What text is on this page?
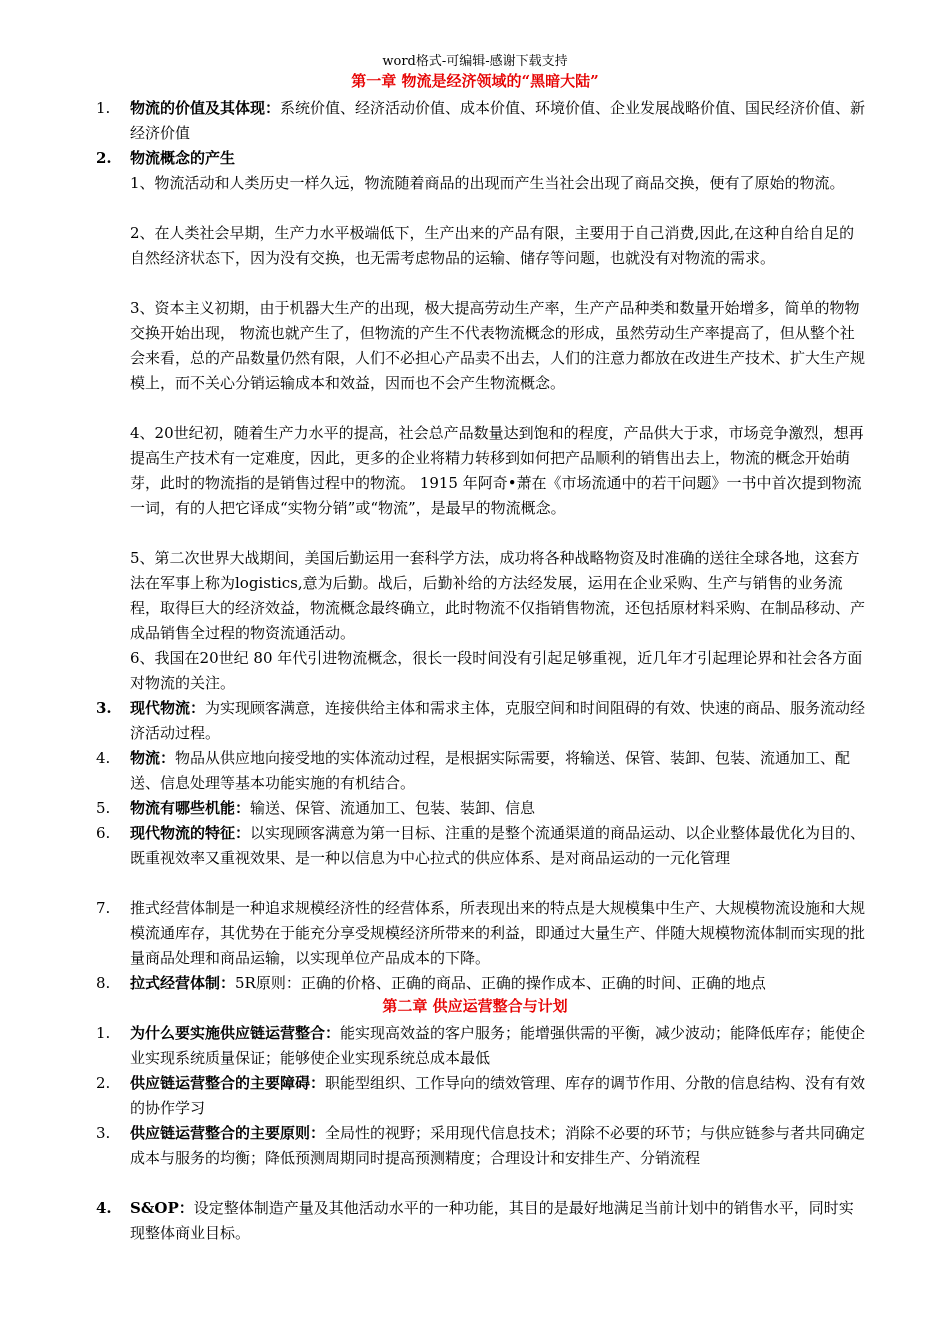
word格式-可编辑-感谢下载支持
第一章 物流是经济领域的“黑暗大陆”
1.	物流的价值及其体现：系统价值、经济活动价值、成本价值、环境价值、企业发展战略价值、国民经济价值、新经济价值
2.	物流概念的产生
1、物流活动和人类历史一样久远，物流随着商品的出现而产生当社会出现了商品交换，便有了原始的物流。
2、在人类社会早期，生产力水平极端低下，生产出来的产品有限，主要用于自己消费,因此,在这种自给自足的自然经济状态下，因为没有交换，也无需考虑物品的运输、储存等问题，也就没有对物流的需求。
3、资本主义初期，由于机器大生产的出现，极大提高劳动生产率，生产产品种类和数量开始增多，简单的物物交换开始出现， 物流也就产生了，但物流的产生不代表物流概念的形成，虽然劳动生产率提高了，但从整个社会来看，总的产品数量仍然有限，人们不必担心产品卖不出去，人们的注意力都放在改进生产技术、扩大生产规模上，而不关心分销运输成本和效益，因而也不会产生物流概念。
4、20世纪初，随着生产力水平的提高，社会总产品数量达到饱和的程度，产品供大于求，市场竞争激烈，想再提高生产技术有一定难度，因此，更多的企业将精力转移到如何把产品顺利的销售出去上，物流的概念开始萌芽，此时的物流指的是销售过程中的物流。 1915 年阿奇•萧在《市场流通中的若干问题》一书中首次提到物流一词，有的人把它译成“实物分销”或“物流”，是最早的物流概念。
5、第二次世界大战期间，美国后勤运用一套科学方法，成功将各种战略物资及时准确的送往全球各地，这套方法在军事上称为logistics,意为后勤。战后，后勤补给的方法经发展，运用在企业采购、生产与销售的业务流程，取得巨大的经济效益，物流概念最终确立，此时物流不仅指销售物流，还包括原材料采购、在制品移动、产成品销售全过程的物资流通活动。
6、我国在20世纪 80 年代引进物流概念，很长一段时间没有引起足够重视，近几年才引起理论界和社会各方面对物流的关注。
3.	现代物流：为实现顾客满意，连接供给主体和需求主体，克服空间和时间阻碍的有效、快速的商品、服务流动经济活动过程。
4.	物流：物品从供应地向接受地的实体流动过程，是根据实际需要，将输送、保管、装卸、包装、流通加工、配送、信息处理等基本功能实施的有机结合。
5.	物流有哪些机能：输送、保管、流通加工、包装、装卸、信息
6.	现代物流的特征：以实现顾客满意为第一目标、注重的是整个流通渠道的商品运动、以企业整体最优化为目的、既重视效率又重视效果、是一种以信息为中心拉式的供应体系、是对商品运动的一元化管理
7.	推式经营体制是一种追求规模经济性的经营体系，所表现出来的特点是大规模集中生产、大规模物流设施和大规模流通库存，其优势在于能充分享受规模经济所带来的利益，即通过大量生产、伴随大规模物流体制而实现的批量商品处理和商品运输，以实现单位产品成本的下降。
8.	拉式经营体制：5R原则：正确的价格、正确的商品、正确的操作成本、正确的时间、正确的地点
第二章 供应运营整合与计划
1.	为什么要实施供应链运营整合：能实现高效益的客户服务；能增强供需的平衡，减少波动；能降低库存；能使企业实现系统质量保证；能够使企业实现系统总成本最低
2.	供应链运营整合的主要障碍：职能型组织、工作导向的绩效管理、库存的调节作用、分散的信息结构、没有有效的协作学习
3.	供应链运营整合的主要原则：全局性的视野；采用现代信息技术；消除不必要的环节；与供应链参与者共同确定成本与服务的均衡；降低预测周期同时提高预测精度；合理设计和安排生产、分销流程
4.	S&OP：设定整体制造产量及其他活动水平的一种功能，其目的是最好地满足当前计划中的销售水平，同时实现整体商业目标。
